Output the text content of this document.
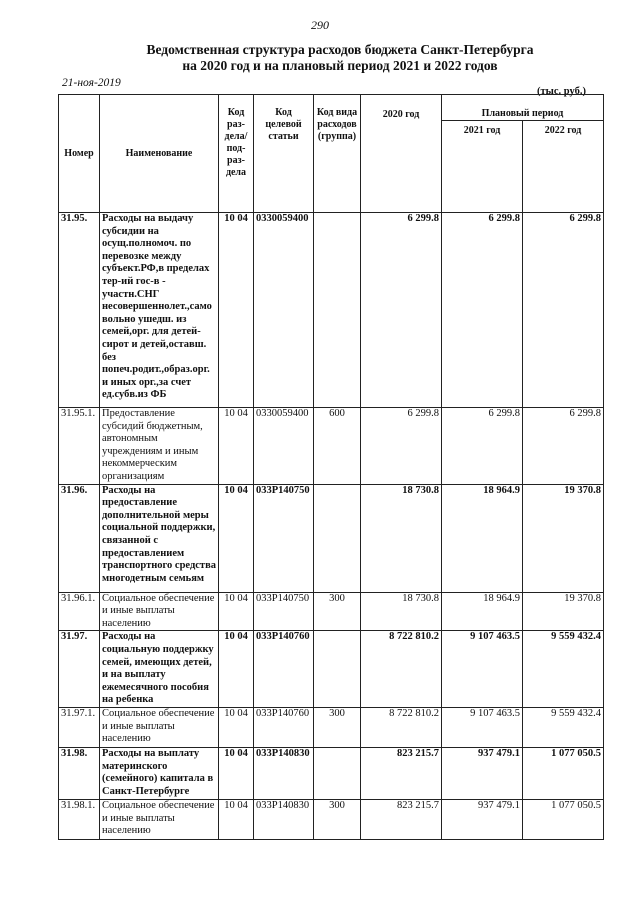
290
Ведомственная структура расходов бюджета Санкт-Петербурга
на 2020 год и на плановый период 2021 и 2022 годов
21-ноя-2019
(тыс. руб.)
Номер	Наименование	Код раз- дела/ под- раз- дела	Код целевой статьи	Код вида расходов (группа)	2020 год	Плановый период	
						2021 год	2022 год
31.95.	Расходы на выдачу субсидии на осущ.полномоч. по перевозке между субъект.РФ,в пределах тер-ий гос-в - участн.СНГ несовершеннолет.,само вольно ушедш. из семей,орг. для детей-сирот и детей,оставш. без попеч.родит.,образ.орг. и иных орг.,за счет ед.субв.из ФБ	10 04	0330059400		6 299.8	6 299.8	6 299.8
31.95.1.	Предоставление субсидий бюджетным, автономным учреждениям и иным некоммерческим организациям	10 04	0330059400	600	6 299.8	6 299.8	6 299.8
31.96.	Расходы на предоставление дополнительной меры социальной поддержки, связанной с предоставлением транспортного средства многодетным семьям	10 04	033P140750		18 730.8	18 964.9	19 370.8
31.96.1.	Социальное обеспечение и иные выплаты населению	10 04	033P140750	300	18 730.8	18 964.9	19 370.8
31.97.	Расходы на социальную поддержку семей, имеющих детей, и на выплату ежемесячного пособия на ребенка	10 04	033P140760		8 722 810.2	9 107 463.5	9 559 432.4
31.97.1.	Социальное обеспечение и иные выплаты населению	10 04	033P140760	300	8 722 810.2	9 107 463.5	9 559 432.4
31.98.	Расходы на выплату материнского (семейного) капитала в Санкт-Петербурге	10 04	033P140830		823 215.7	937 479.1	1 077 050.5
31.98.1.	Социальное обеспечение и иные выплаты населению	10 04	033P140830	300	823 215.7	937 479.1	1 077 050.5
